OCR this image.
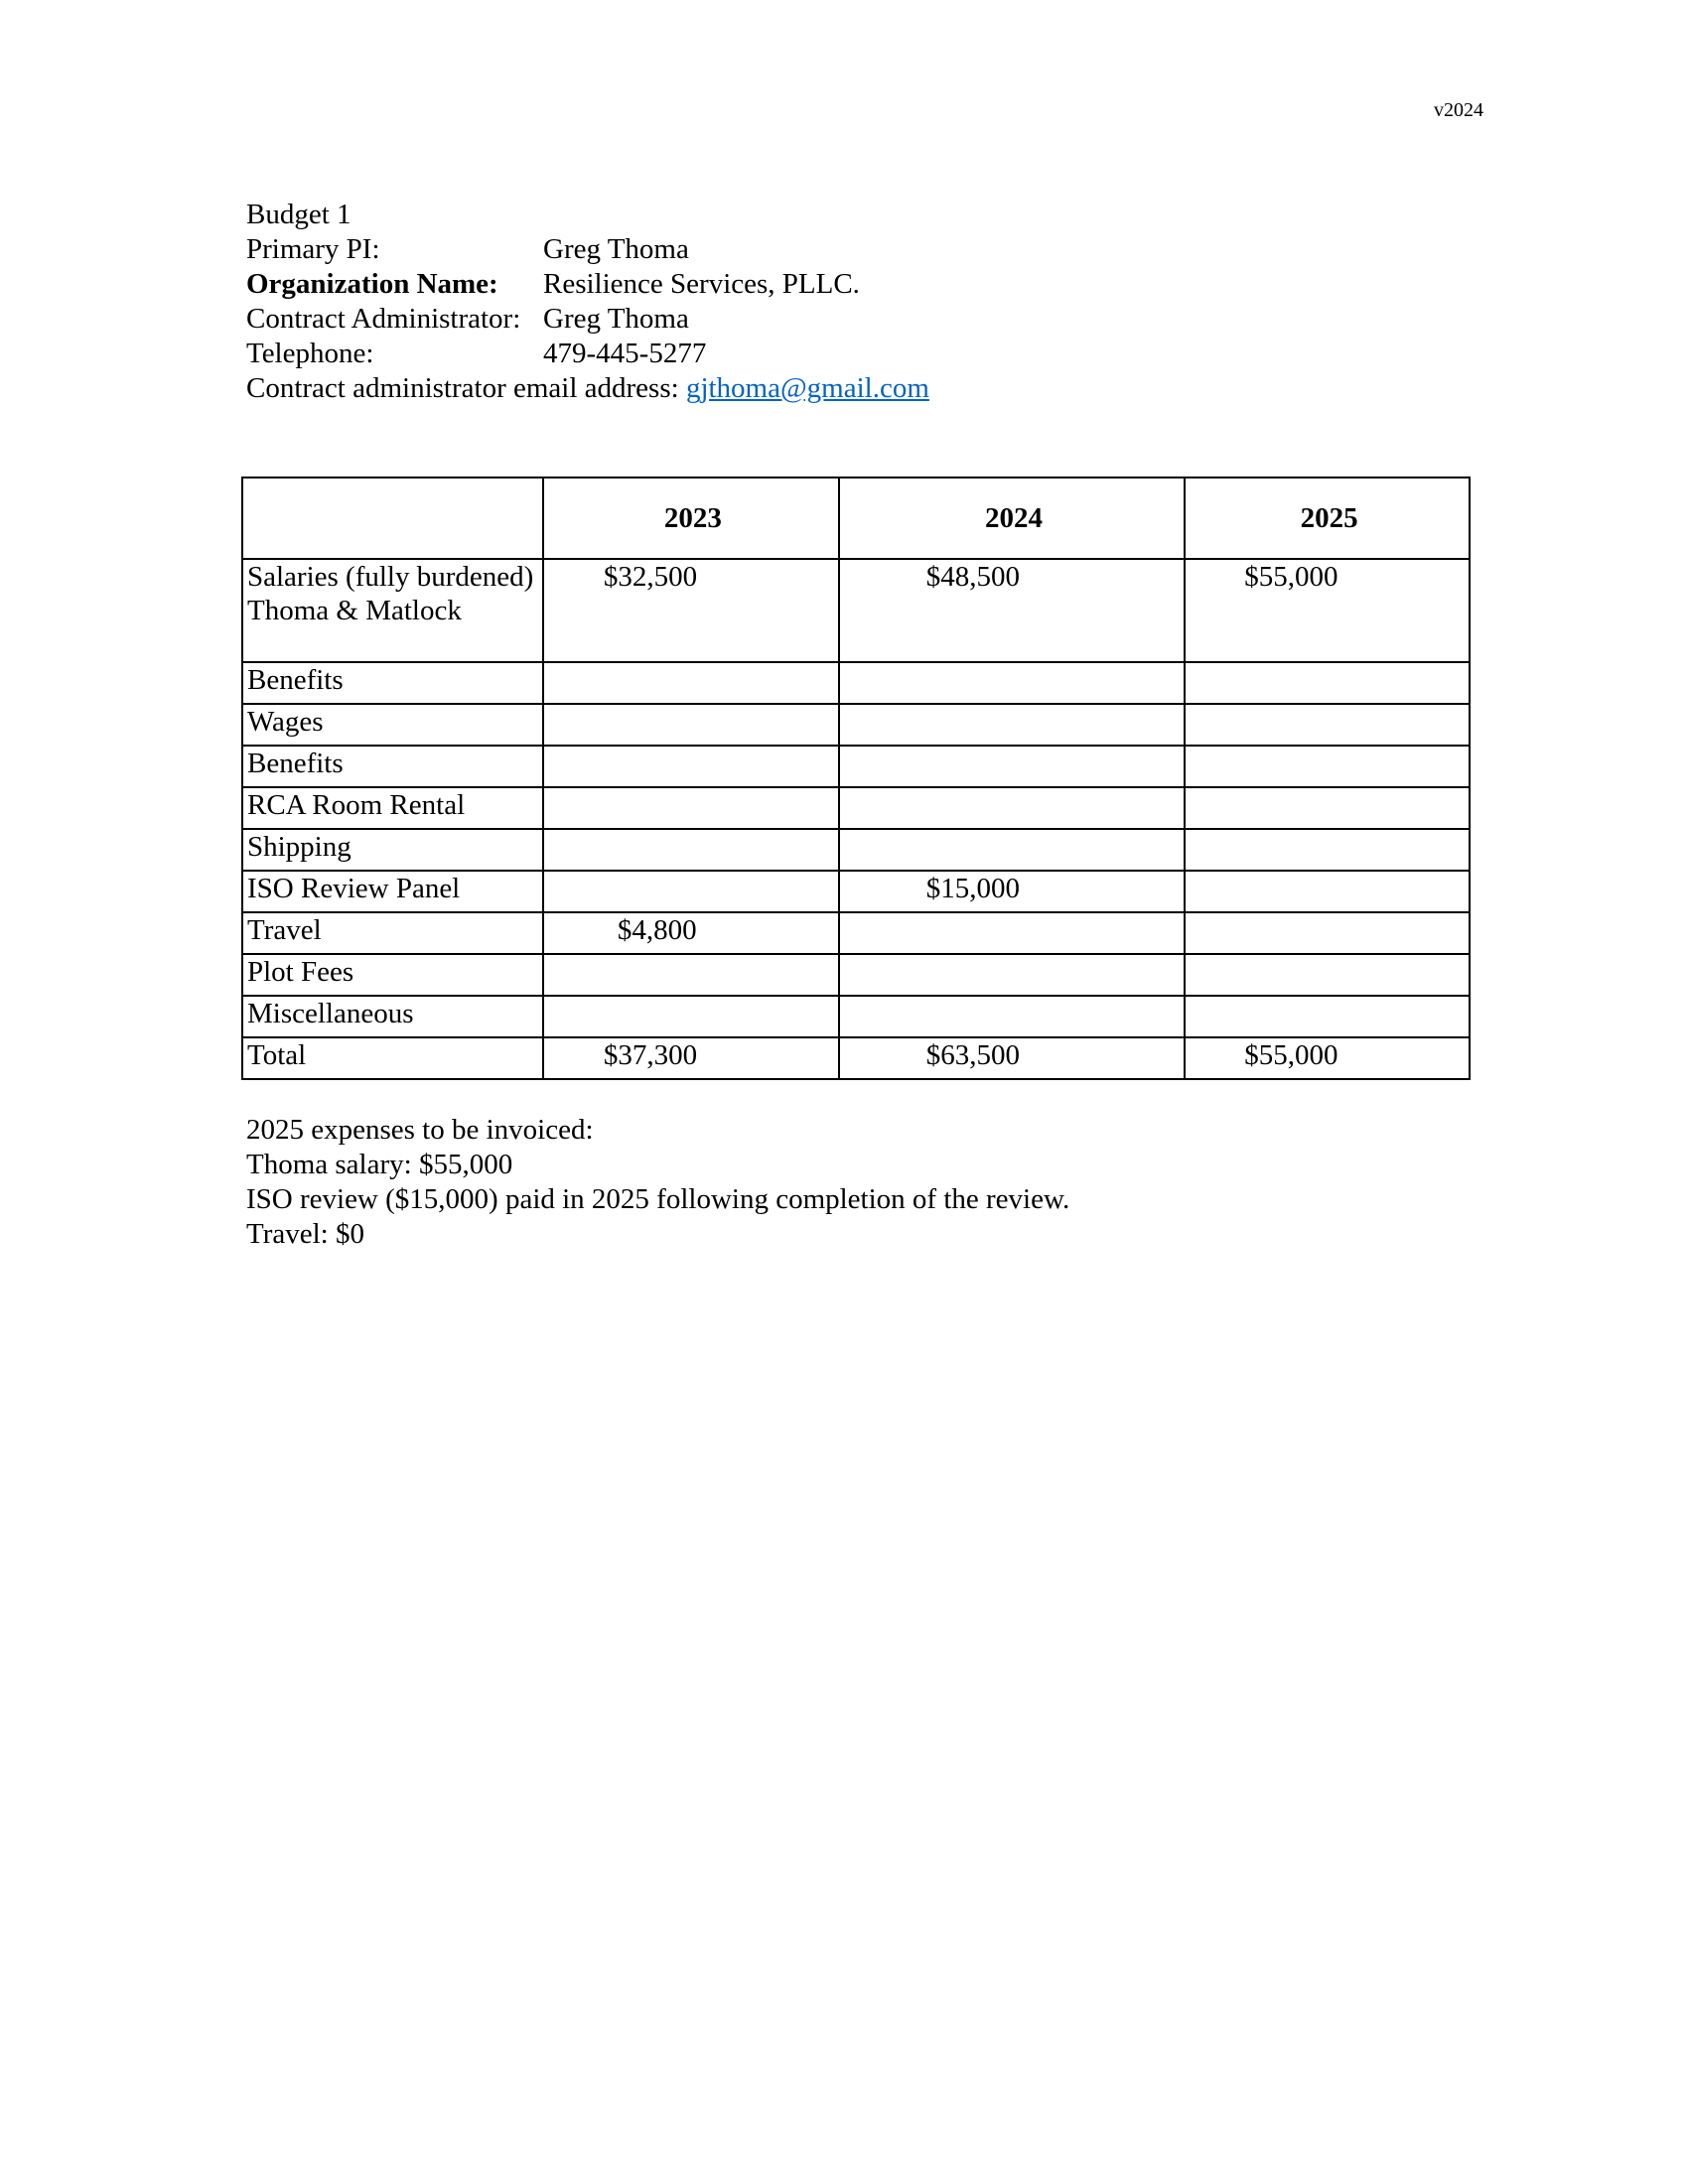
v2024
Budget 1
Primary PI:	Greg Thoma
Organization Name: Resilience Services, PLLC.
Contract Administrator: Greg Thoma
Telephone:	479-445-5277
Contract administrator email address: gjthoma@gmail.com
	2023	2024	2025
Salaries (fully burdened) Thoma & Matlock	$32,500	$48,500	$55,000
Benefits			
Wages			
Benefits			
RCA Room Rental			
Shipping			
ISO Review Panel		$15,000	
Travel	$4,800		
Plot Fees			
Miscellaneous			
Total	$37,300	$63,500	$55,000
2025 expenses to be invoiced:
Thoma salary: $55,000
ISO review ($15,000) paid in 2025 following completion of the review.
Travel: $0
